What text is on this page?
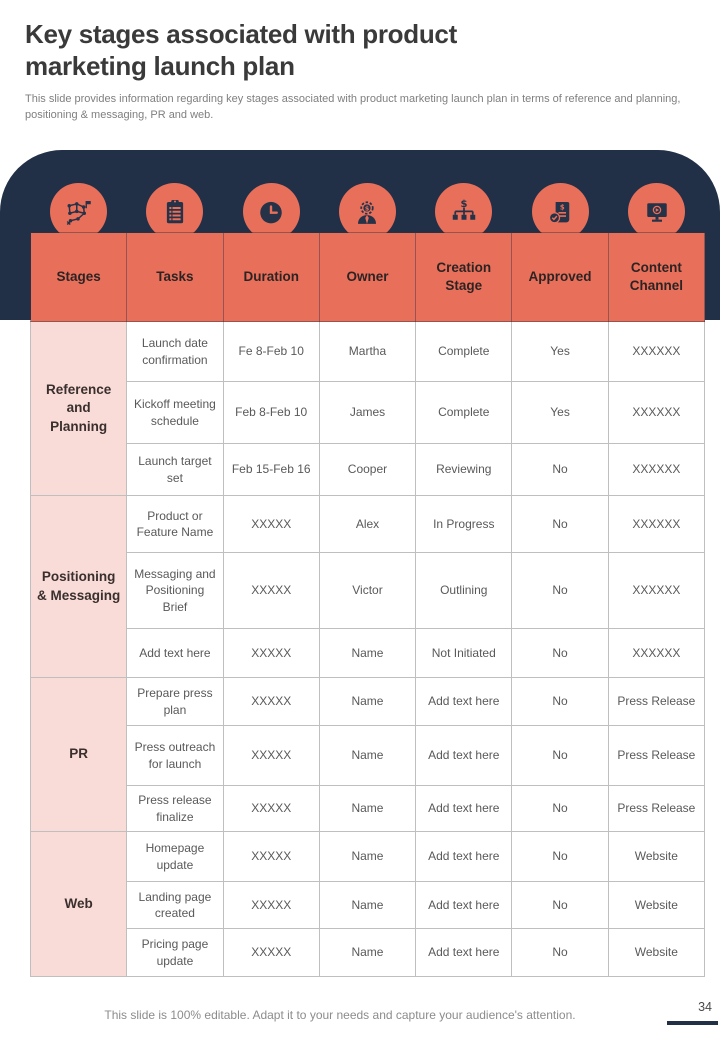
Key stages associated with product marketing launch plan

This slide provides information regarding key stages associated with product marketing launch plan in terms of reference and planning, positioning & messaging, PR and web.

$	$	$
Stages	Tasks	Duration	Owner	Creation Stage	Approved	Content Channel
Reference and Planning	Launch date confirmation	Fe 8-Feb 10	Martha	Complete	Yes	XXXXXX
	Kickoff meeting schedule	Feb 8-Feb 10	James	Complete	Yes	XXXXXX
	Launch target set	Feb 15-Feb 16	Cooper	Reviewing	No	XXXXXX
Positioning & Messaging	Product or Feature Name	XXXXX	Alex	In Progress	No	XXXXXX
	Messaging and Positioning Brief	XXXXX	Victor	Outlining	No	XXXXXX
	Add text here	XXXXX	Name	Not Initiated	No	XXXXXX
PR	Prepare press plan	XXXXX	Name	Add text here	No	Press Release
	Press outreach for launch	XXXXX	Name	Add text here	No	Press Release
	Press release finalize	XXXXX	Name	Add text here	No	Press Release
Web	Homepage update	XXXXX	Name	Add text here	No	Website
	Landing page created	XXXXX	Name	Add text here	No	Website
	Pricing page update	XXXXX	Name	Add text here	No	Website

This slide is 100% editable. Adapt it to your needs and capture your audience's attention.

34
